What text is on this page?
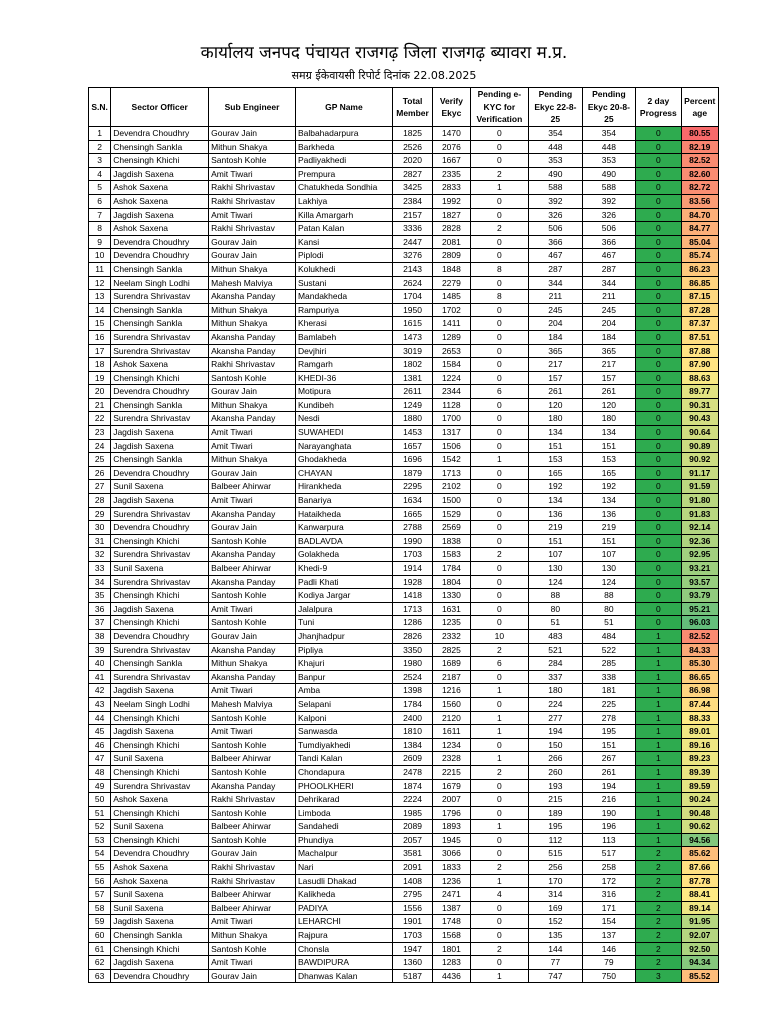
कार्यालय जनपद पंचायत राजगढ़ जिला राजगढ़ ब्यावरा म.प्र.
समग्र ईकेवायसी रिपोर्ट दिनांक 22.08.2025
S.N.	Sector Officer	Sub Engineer	GP Name	Total Member	Verify Ekyc	Pending e-KYC for Verification	Pending Ekyc 22-8-25	Pending Ekyc 20-8-25	2 day Progress	Percent age
1	Devendra Choudhry	Gourav Jain	Balbahadarpura	1825	1470	0	354	354	0	80.55
2	Chensingh Sankla	Mithun Shakya	Barkheda	2526	2076	0	448	448	0	82.19
3	Chensingh Khichi	Santosh Kohle	Padliyakhedi	2020	1667	0	353	353	0	82.52
4	Jagdish Saxena	Amit Tiwari	Prempura	2827	2335	2	490	490	0	82.60
5	Ashok Saxena	Rakhi Shrivastav	Chatukheda Sondhia	3425	2833	1	588	588	0	82.72
6	Ashok Saxena	Rakhi Shrivastav	Lakhiya	2384	1992	0	392	392	0	83.56
7	Jagdish Saxena	Amit Tiwari	Killa Amargarh	2157	1827	0	326	326	0	84.70
8	Ashok Saxena	Rakhi Shrivastav	Patan Kalan	3336	2828	2	506	506	0	84.77
9	Devendra Choudhry	Gourav Jain	Kansi	2447	2081	0	366	366	0	85.04
10	Devendra Choudhry	Gourav Jain	Piplodi	3276	2809	0	467	467	0	85.74
11	Chensingh Sankla	Mithun Shakya	Kolukhedi	2143	1848	8	287	287	0	86.23
12	Neelam Singh Lodhi	Mahesh Malviya	Sustani	2624	2279	0	344	344	0	86.85
13	Surendra Shrivastav	Akansha Panday	Mandakheda	1704	1485	8	211	211	0	87.15
14	Chensingh Sankla	Mithun Shakya	Rampuriya	1950	1702	0	245	245	0	87.28
15	Chensingh Sankla	Mithun Shakya	Kherasi	1615	1411	0	204	204	0	87.37
16	Surendra Shrivastav	Akansha Panday	Bamlabeh	1473	1289	0	184	184	0	87.51
17	Surendra Shrivastav	Akansha Panday	Devjhiri	3019	2653	0	365	365	0	87.88
18	Ashok Saxena	Rakhi Shrivastav	Ramgarh	1802	1584	0	217	217	0	87.90
19	Chensingh Khichi	Santosh Kohle	KHEDI-36	1381	1224	0	157	157	0	88.63
20	Devendra Choudhry	Gourav Jain	Motipura	2611	2344	6	261	261	0	89.77
21	Chensingh Sankla	Mithun Shakya	Kundibeh	1249	1128	0	120	120	0	90.31
22	Surendra Shrivastav	Akansha Panday	Nesdi	1880	1700	0	180	180	0	90.43
23	Jagdish Saxena	Amit Tiwari	SUWAHEDI	1453	1317	0	134	134	0	90.64
24	Jagdish Saxena	Amit Tiwari	Narayanghata	1657	1506	0	151	151	0	90.89
25	Chensingh Sankla	Mithun Shakya	Ghodakheda	1696	1542	1	153	153	0	90.92
26	Devendra Choudhry	Gourav Jain	CHAYAN	1879	1713	0	165	165	0	91.17
27	Sunil Saxena	Balbeer Ahirwar	Hirankheda	2295	2102	0	192	192	0	91.59
28	Jagdish Saxena	Amit Tiwari	Banariya	1634	1500	0	134	134	0	91.80
29	Surendra Shrivastav	Akansha Panday	Hataikheda	1665	1529	0	136	136	0	91.83
30	Devendra Choudhry	Gourav Jain	Kanwarpura	2788	2569	0	219	219	0	92.14
31	Chensingh Khichi	Santosh Kohle	BADLAVDA	1990	1838	0	151	151	0	92.36
32	Surendra Shrivastav	Akansha Panday	Golakheda	1703	1583	2	107	107	0	92.95
33	Sunil Saxena	Balbeer Ahirwar	Khedi-9	1914	1784	0	130	130	0	93.21
34	Surendra Shrivastav	Akansha Panday	Padli Khati	1928	1804	0	124	124	0	93.57
35	Chensingh Khichi	Santosh Kohle	Kodiya Jargar	1418	1330	0	88	88	0	93.79
36	Jagdish Saxena	Amit Tiwari	Jalalpura	1713	1631	0	80	80	0	95.21
37	Chensingh Khichi	Santosh Kohle	Tuni	1286	1235	0	51	51	0	96.03
38	Devendra Choudhry	Gourav Jain	Jhanjhadpur	2826	2332	10	483	484	1	82.52
39	Surendra Shrivastav	Akansha Panday	Pipliya	3350	2825	2	521	522	1	84.33
40	Chensingh Sankla	Mithun Shakya	Khajuri	1980	1689	6	284	285	1	85.30
41	Surendra Shrivastav	Akansha Panday	Banpur	2524	2187	0	337	338	1	86.65
42	Jagdish Saxena	Amit Tiwari	Amba	1398	1216	1	180	181	1	86.98
43	Neelam Singh Lodhi	Mahesh Malviya	Selapani	1784	1560	0	224	225	1	87.44
44	Chensingh Khichi	Santosh Kohle	Kalponi	2400	2120	1	277	278	1	88.33
45	Jagdish Saxena	Amit Tiwari	Sanwasda	1810	1611	1	194	195	1	89.01
46	Chensingh Khichi	Santosh Kohle	Tumdiyakhedi	1384	1234	0	150	151	1	89.16
47	Sunil Saxena	Balbeer Ahirwar	Tandi Kalan	2609	2328	1	266	267	1	89.23
48	Chensingh Khichi	Santosh Kohle	Chondapura	2478	2215	2	260	261	1	89.39
49	Surendra Shrivastav	Akansha Panday	PHOOLKHERI	1874	1679	0	193	194	1	89.59
50	Ashok Saxena	Rakhi Shrivastav	Dehrikarad	2224	2007	0	215	216	1	90.24
51	Chensingh Khichi	Santosh Kohle	Limboda	1985	1796	0	189	190	1	90.48
52	Sunil Saxena	Balbeer Ahirwar	Sandahedi	2089	1893	1	195	196	1	90.62
53	Chensingh Khichi	Santosh Kohle	Phundiya	2057	1945	0	112	113	1	94.56
54	Devendra Choudhry	Gourav Jain	Machalpur	3581	3066	0	515	517	2	85.62
55	Ashok Saxena	Rakhi Shrivastav	Nari	2091	1833	2	256	258	2	87.66
56	Ashok Saxena	Rakhi Shrivastav	Lasudli Dhakad	1408	1236	1	170	172	2	87.78
57	Sunil Saxena	Balbeer Ahirwar	Kalikheda	2795	2471	4	314	316	2	88.41
58	Sunil Saxena	Balbeer Ahirwar	PADIYA	1556	1387	0	169	171	2	89.14
59	Jagdish Saxena	Amit Tiwari	LEHARCHI	1901	1748	0	152	154	2	91.95
60	Chensingh Sankla	Mithun Shakya	Rajpura	1703	1568	0	135	137	2	92.07
61	Chensingh Khichi	Santosh Kohle	Chonsla	1947	1801	2	144	146	2	92.50
62	Jagdish Saxena	Amit Tiwari	BAWDIPURA	1360	1283	0	77	79	2	94.34
63	Devendra Choudhry	Gourav Jain	Dhanwas Kalan	5187	4436	1	747	750	3	85.52
